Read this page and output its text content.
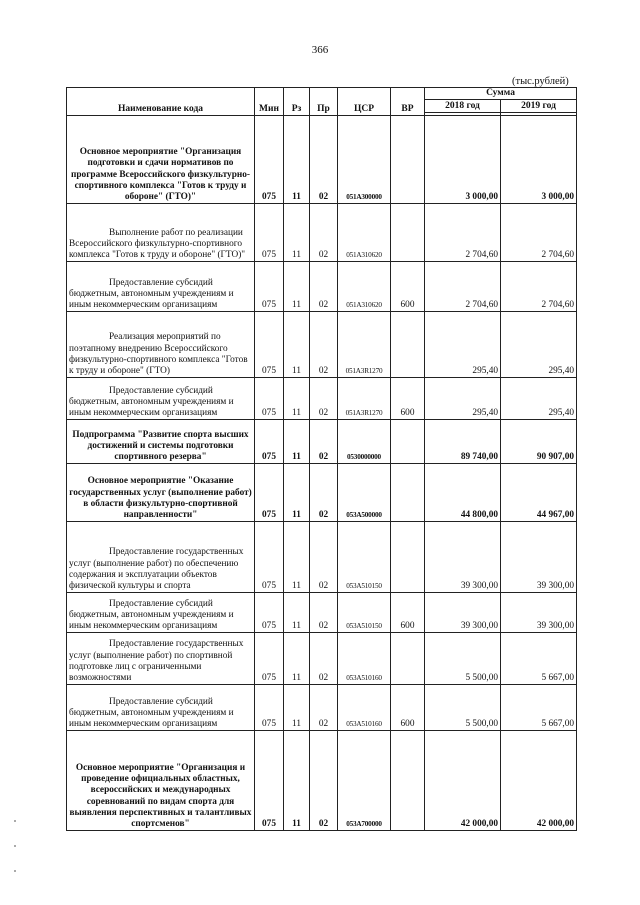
366
(тыс.рублей)
Наименование кода	Мин	Рз	Пр	ЦСР	ВР	Сумма	
						2018 год	2019 год

Основное мероприятие "Организация подготовки и сдачи нормативов по программе Всероссийского физкультурно-спортивного комплекса "Готов к труду и обороне" (ГТО)"	075	11	02	051А300000		3 000,00	3 000,00
Выполнение работ по реализации Всероссийского физкультурно-спортивного комплекса "Готов к труду и обороне" (ГТО)"	075	11	02	051А310620		2 704,60	2 704,60
Предоставление субсидий бюджетным, автономным учреждениям и иным некоммерческим организациям	075	11	02	051А310620	600	2 704,60	2 704,60
Реализация мероприятий по поэтапному внедрению Всероссийского физкультурно-спортивного комплекса "Готов к труду и обороне" (ГТО)	075	11	02	051А3R1270		295,40	295,40
Предоставление субсидий бюджетным, автономным учреждениям и иным некоммерческим организациям	075	11	02	051А3R1270	600	295,40	295,40
Подпрограмма "Развитие спорта высших достижений и системы подготовки спортивного резерва"	075	11	02	0530000000		89 740,00	90 907,00
Основное мероприятие "Оказание государственных услуг (выполнение работ) в области физкультурно-спортивной направленности"	075	11	02	053А500000		44 800,00	44 967,00
Предоставление государственных услуг (выполнение работ) по обеспечению содержания и эксплуатации объектов физической культуры и спорта	075	11	02	053А510150		39 300,00	39 300,00
Предоставление субсидий бюджетным, автономным учреждениям и иным некоммерческим организациям	075	11	02	053А510150	600	39 300,00	39 300,00
Предоставление государственных услуг (выполнение работ) по спортивной подготовке лиц с ограниченными возможностями	075	11	02	053А510160		5 500,00	5 667,00
Предоставление субсидий бюджетным, автономным учреждениям и иным некоммерческим организациям	075	11	02	053А510160	600	5 500,00	5 667,00
Основное мероприятие "Организация и проведение официальных областных, всероссийских и международных соревнований по видам спорта для выявления перспективных и талантливых спортсменов"	075	11	02	053А700000		42 000,00	42 000,00
